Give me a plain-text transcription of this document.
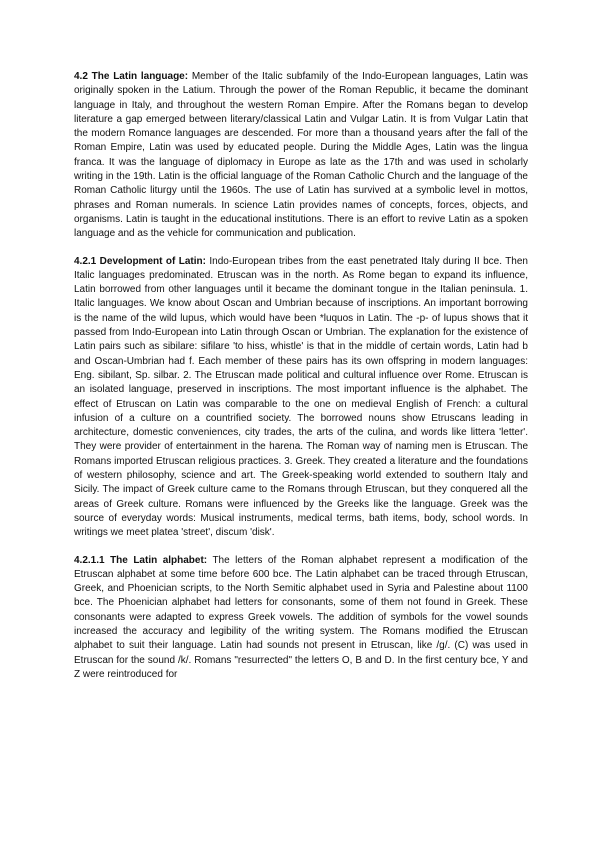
4.2 The Latin language: Member of the Italic subfamily of the Indo-European languages, Latin was originally spoken in the Latium. Through the power of the Roman Republic, it became the dominant language in Italy, and throughout the western Roman Empire. After the Romans began to develop literature a gap emerged between literary/classical Latin and Vulgar Latin. It is from Vulgar Latin that the modern Romance languages are descended. For more than a thousand years after the fall of the Roman Empire, Latin was used by educated people. During the Middle Ages, Latin was the lingua franca. It was the language of diplomacy in Europe as late as the 17th and was used in scholarly writing in the 19th. Latin is the official language of the Roman Catholic Church and the language of the Roman Catholic liturgy until the 1960s. The use of Latin has survived at a symbolic level in mottos, phrases and Roman numerals. In science Latin provides names of concepts, forces, objects, and organisms. Latin is taught in the educational institutions. There is an effort to revive Latin as a spoken language and as the vehicle for communication and publication.

4.2.1 Development of Latin: Indo-European tribes from the east penetrated Italy during II bce. Then Italic languages predominated. Etruscan was in the north. As Rome began to expand its influence, Latin borrowed from other languages until it became the dominant tongue in the Italian peninsula. 1. Italic languages. We know about Oscan and Umbrian because of inscriptions. An important borrowing is the name of the wild lupus, which would have been *luquos in Latin. The -p- of lupus shows that it passed from Indo-European into Latin through Oscan or Umbrian. The explanation for the existence of Latin pairs such as sibilare: sifilare 'to hiss, whistle' is that in the middle of certain words, Latin had b and Oscan-Umbrian had f. Each member of these pairs has its own offspring in modern languages: Eng. sibilant, Sp. silbar. 2. The Etruscan made political and cultural influence over Rome. Etruscan is an isolated language, preserved in inscriptions. The most important influence is the alphabet. The effect of Etruscan on Latin was comparable to the one on medieval English of French: a cultural infusion of a culture on a countrified society. The borrowed nouns show Etruscans leading in architecture, domestic conveniences, city trades, the arts of the culina, and words like littera 'letter'. They were provider of entertainment in the harena. The Roman way of naming men is Etruscan. The Romans imported Etruscan religious practices. 3. Greek. They created a literature and the foundations of western philosophy, science and art. The Greek-speaking world extended to southern Italy and Sicily. The impact of Greek culture came to the Romans through Etruscan, but they conquered all the areas of Greek culture. Romans were influenced by the Greeks like the language. Greek was the source of everyday words: Musical instruments, medical terms, bath items, body, school words. In writings we meet platea 'street', discum 'disk'.

4.2.1.1 The Latin alphabet: The letters of the Roman alphabet represent a modification of the Etruscan alphabet at some time before 600 bce. The Latin alphabet can be traced through Etruscan, Greek, and Phoenician scripts, to the North Semitic alphabet used in Syria and Palestine about 1100 bce. The Phoenician alphabet had letters for consonants, some of them not found in Greek. These consonants were adapted to express Greek vowels. The addition of symbols for the vowel sounds increased the accuracy and legibility of the writing system. The Romans modified the Etruscan alphabet to suit their language. Latin had sounds not present in Etruscan, like /g/. (C) was used in Etruscan for the sound /k/. Romans "resurrected" the letters O, B and D. In the first century bce, Y and Z were reintroduced for
